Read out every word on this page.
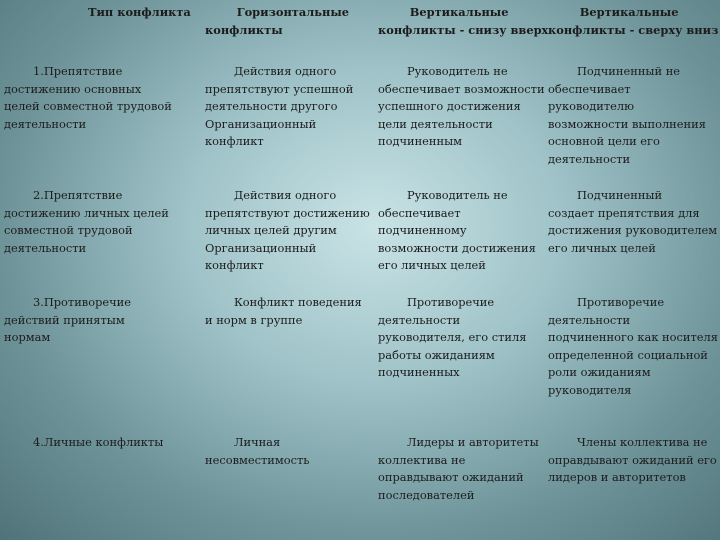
Тип конфликта	Горизонтальные
конфликты
Вертикальные
конфликты - снизу вверх
Вертикальные
конфликты - сверху вниз
1.Препятствие
достижению основных
целей совместной трудовой
деятельности
Действия одного
препятствуют успешной
деятельности другого
Организационный
конфликт
Руководитель не
обеспечивает возможности
успешного достижения
цели деятельности
подчиненным
Подчиненный не
обеспечивает
руководителю
возможности выполнения
основной цели его
деятельности
2.Препятствие
достижению личных целей
совместной трудовой
деятельности
Действия одного
препятствуют достижению
личных целей другим
Организационный
конфликт
Руководитель не
обеспечивает
подчиненному
возможности достижения
его личных целей
Подчиненный
создает препятствия для
достижения руководителем
его личных целей
3.Противоречие
действий принятым
нормам
Конфликт поведения
и норм в группе
Противоречие
деятельности
руководителя, его стиля
работы ожиданиям
подчиненных
Противоречие
деятельности
подчиненного как носителя
определенной социальной
роли ожиданиям
руководителя
4.Личные конфликты	Личная
несовместимость
Лидеры и авторитеты
коллектива не
оправдывают ожиданий
последователей
Члены коллектива не
оправдывают ожиданий его
лидеров и авторитетов
